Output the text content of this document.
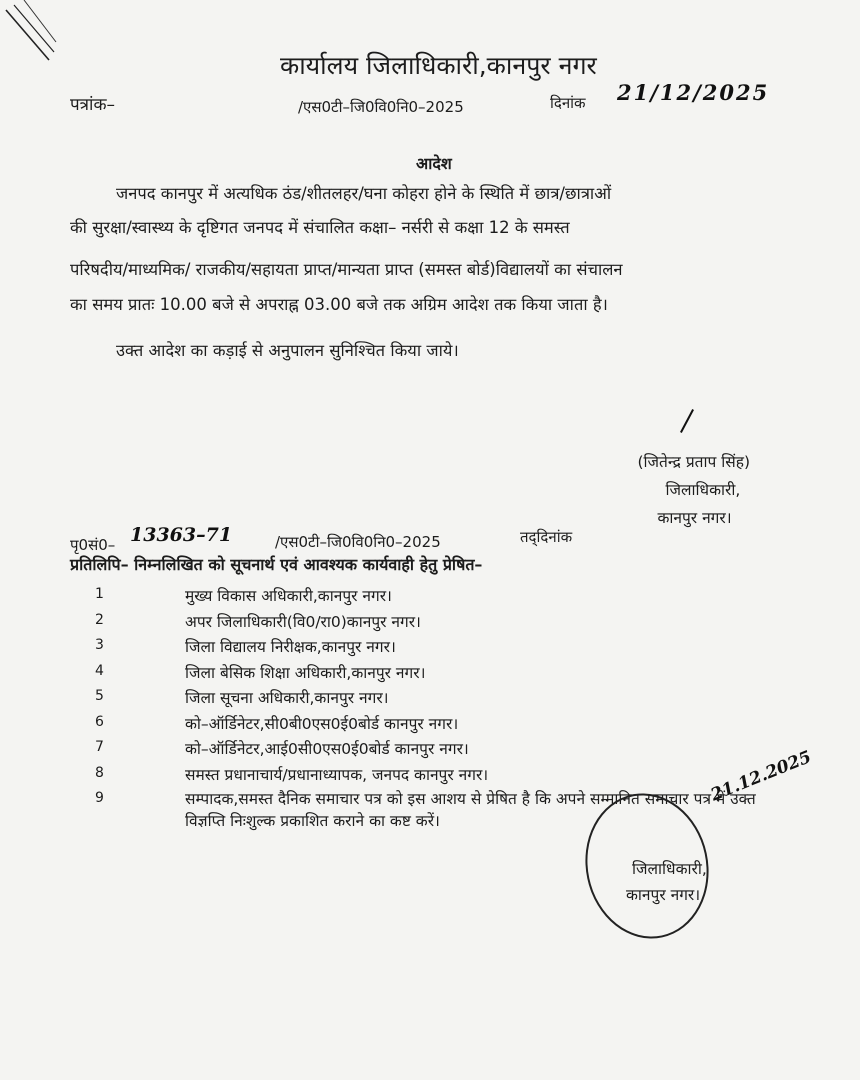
कार्यालय जिलाधिकारी,कानपुर नगर
पत्रांक–	/एस0टी–जि0वि0नि0–2025	दिनांक 21/12/2025
आदेश
जनपद कानपुर में अत्यधिक ठंड/शीतलहर/घना कोहरा होने के स्थिति में छात्र/छात्राओं
की सुरक्षा/स्वास्थ्य के दृष्टिगत जनपद में संचालित कक्षा– नर्सरी से कक्षा 12 के समस्त
परिषदीय/माध्यमिक/ राजकीय/सहायता प्राप्त/मान्यता प्राप्त (समस्त बोर्ड)विद्यालयों का संचालन
का समय प्रातः 10.00 बजे से अपराह्न 03.00 बजे तक अग्रिम आदेश तक किया जाता है।
उक्त आदेश का कड़ाई से अनुपालन सुनिश्चित किया जाये।
(जितेन्द्र प्रताप सिंह)
जिलाधिकारी,
कानपुर नगर।
पृ0सं0– 13363–71	/एस0टी–जि0वि0नि0–2025	तद्‌दिनांक
प्रतिलिपि– निम्नलिखित को सूचनार्थ एवं आवश्यक कार्यवाही हेतु प्रेषित–
1	मुख्य विकास अधिकारी,कानपुर नगर।
2	अपर जिलाधिकारी(वि0/रा0)कानपुर नगर।
3	जिला विद्यालय निरीक्षक,कानपुर नगर।
4	जिला बेसिक शिक्षा अधिकारी,कानपुर नगर।
5	जिला सूचना अधिकारी,कानपुर नगर।
6	को–ऑर्डिनेटर,सी0बी0एस0ई0बोर्ड कानपुर नगर।
7	को–ऑर्डिनेटर,आई0सी0एस0ई0बोर्ड कानपुर नगर।
8	समस्त प्रधानाचार्य/प्रधानाध्यापक, जनपद कानपुर नगर।
9	सम्पादक,समस्त दैनिक समाचार पत्र को इस आशय से प्रेषित है कि अपने सम्मानित समाचार पत्र में उक्त विज्ञप्ति निःशुल्क प्रकाशित कराने का कष्ट करें।
21.12.2025
जिलाधिकारी,
कानपुर नगर।
